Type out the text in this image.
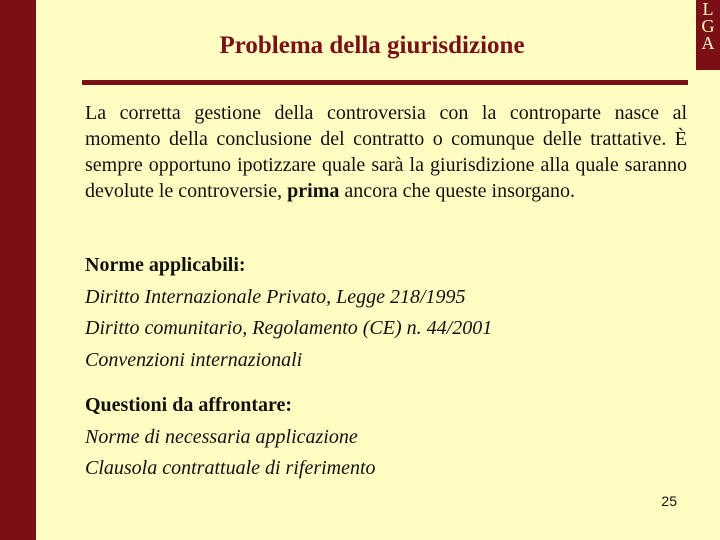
L
G
A
Problema della giurisdizione

La corretta gestione della controversia con la controparte nasce al momento della conclusione del contratto o comunque delle trattative. È sempre opportuno ipotizzare quale sarà la giurisdizione alla quale saranno devolute le controversie, prima ancora che queste insorgano.

Norme applicabili:
Diritto Internazionale Privato, Legge 218/1995
Diritto comunitario, Regolamento (CE) n. 44/2001
Convenzioni internazionali
Questioni da affrontare:
Norme di necessaria applicazione
Clausola contrattuale di riferimento
25
